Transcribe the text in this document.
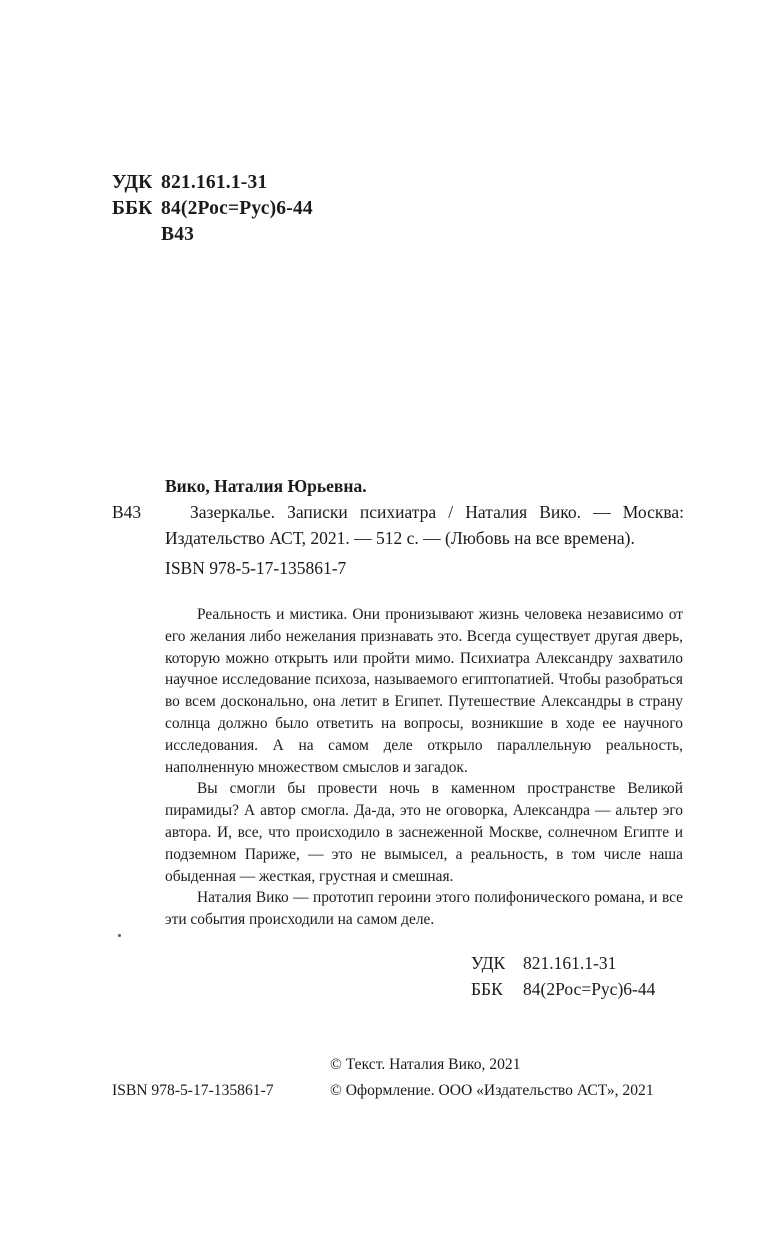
УДК 821.161.1-31
ББК 84(2Рос=Рус)6-44
В43
Вико, Наталия Юрьевна.
В43	Зазеркалье. Записки психиатра / Наталия Вико. — Москва: Издательство АСТ, 2021. — 512 с. — (Любовь на все времена).
ISBN 978-5-17-135861-7

Реальность и мистика. Они пронизывают жизнь человека независимо от его желания либо нежелания признавать это. Всегда существует другая дверь, которую можно открыть или пройти мимо. Психиатра Александру захватило научное исследование психоза, называемого египтопатией. Чтобы разобраться во всем досконально, она летит в Египет. Путешествие Александры в страну солнца должно было ответить на вопросы, возникшие в ходе ее научного исследования. А на самом деле открыло параллельную реальность, наполненную множеством смыслов и загадок.

Вы смогли бы провести ночь в каменном пространстве Великой пирамиды? А автор смогла. Да-да, это не оговорка, Александра — альтер эго автора. И, все, что происходило в заснеженной Москве, солнечном Египте и подземном Париже, — это не вымысел, а реальность, в том числе наша обыденная — жесткая, грустная и смешная.

Наталия Вико — прототип героини этого полифонического романа, и все эти события происходили на самом деле.

УДК 821.161.1-31
ББК 84(2Рос=Рус)6-44
© Текст. Наталия Вико, 2021
ISBN 978-5-17-135861-7	© Оформление. ООО «Издательство АСТ», 2021
